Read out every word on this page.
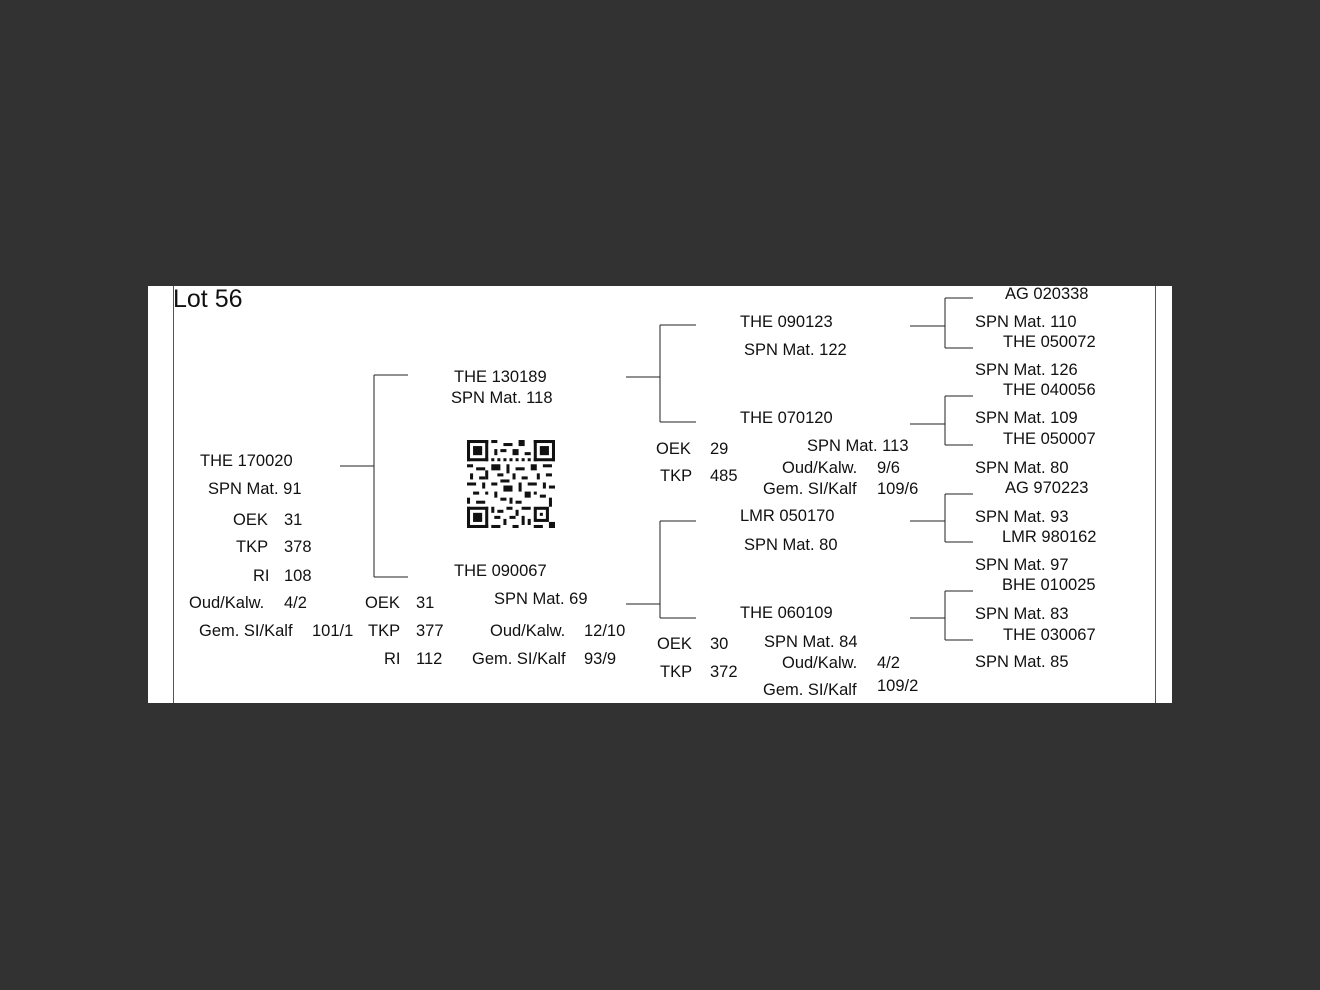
Lot 56
THE 170020
SPN Mat. 91
OEK 31
TKP 378
RI 108
Oud/Kalw. 4/2
Gem. SI/Kalf 101/1
THE 130189
SPN Mat. 118
THE 090067
SPN Mat. 69
OEK 31
TKP 377
RI 112
Oud/Kalw. 12/10
Gem. SI/Kalf 93/9
THE 090123
SPN Mat. 122
THE 070120
SPN Mat. 113
OEK 29
TKP 485	Oud/Kalw. 9/6
Gem. SI/Kalf 109/6
LMR 050170
SPN Mat. 80
THE 060109
SPN Mat. 84
OEK 30
TKP 372	Oud/Kalw. 4/2
Gem. SI/Kalf 109/2
AG 020338
SPN Mat. 110
THE 050072
SPN Mat. 126
THE 040056
SPN Mat. 109
THE 050007
SPN Mat. 80
AG 970223
SPN Mat. 93
LMR 980162
SPN Mat. 97
BHE 010025
SPN Mat. 83
THE 030067
SPN Mat. 85
